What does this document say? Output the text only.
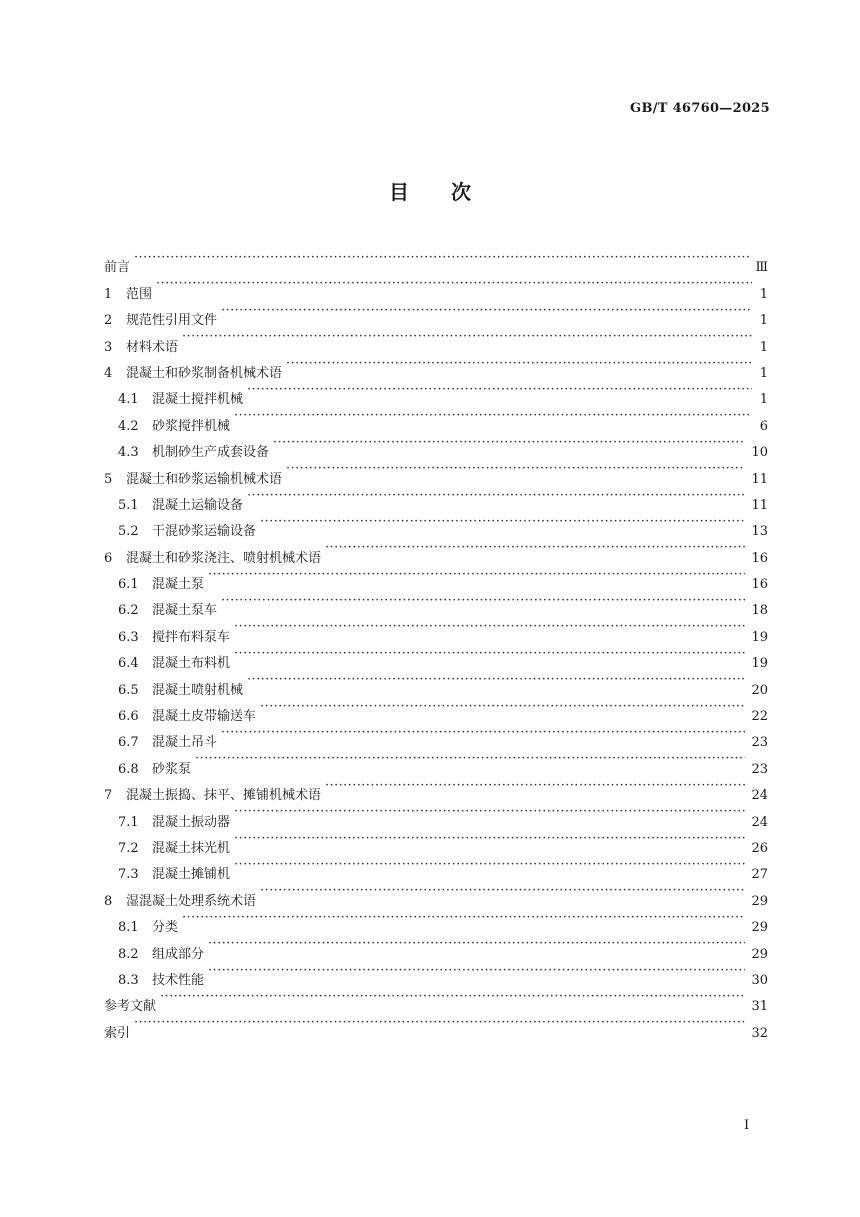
GB/T 46760—2025
目次
前言 ·····	Ⅲ
1	范围 ·····	1
2	规范性引用文件 ·····	1
3	材料术语 ·····	1
4	混凝土和砂浆制备机械术语 ·····	1
4.1	混凝土搅拌机械 ·····	1
4.2	砂浆搅拌机械 ·····	6
4.3	机制砂生产成套设备 ·····	10
5	混凝土和砂浆运输机械术语 ·····	11
5.1	混凝土运输设备 ·····	11
5.2	干混砂浆运输设备 ·····	13
6	混凝土和砂浆浇注、喷射机械术语 ·····	16
6.1	混凝土泵 ·····	16
6.2	混凝土泵车 ·····	18
6.3	搅拌布料泵车 ·····	19
6.4	混凝土布料机 ·····	19
6.5	混凝土喷射机械 ·····	20
6.6	混凝土皮带输送车 ·····	22
6.7	混凝土吊斗 ·····	23
6.8	砂浆泵 ·····	23
7	混凝土振捣、抹平、摊铺机械术语 ·····	24
7.1	混凝土振动器 ·····	24
7.2	混凝土抹光机 ·····	26
7.3	混凝土摊铺机 ·····	27
8	湿混凝土处理系统术语 ·····	29
8.1	分类 ·····	29
8.2	组成部分 ·····	29
8.3	技术性能 ·····	30
参考文献 ·····	31
索引 ·····	32
I
